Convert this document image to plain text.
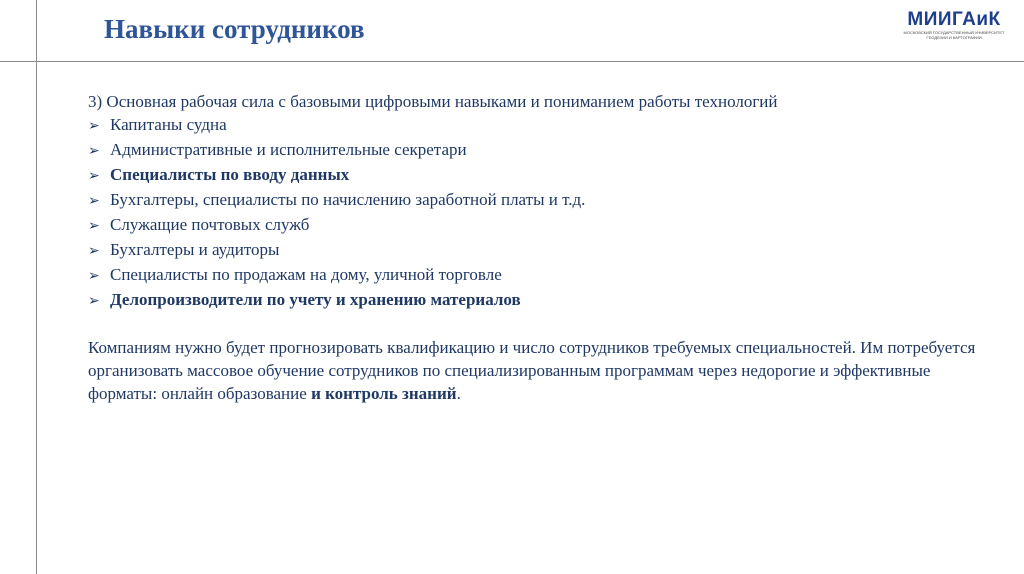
Навыки сотрудников	МИИГАиК
МОСКОВСКИЙ ГОСУДАРСТВЕННЫЙ УНИВЕРСИТЕТ
ГЕОДЕЗИИ И КАРТОГРАФИИ

3) Основная рабочая сила с базовыми цифровыми навыками и пониманием работы технологий

➢ Капитаны судна
➢ Административные и исполнительные секретари
➢ Специалисты по вводу данных
➢ Бухгалтеры, специалисты по начислению заработной платы и т.д.
➢ Служащие почтовых служб
➢ Бухгалтеры и аудиторы
➢ Специалисты по продажам на дому, уличной торговле
➢ Делопроизводители по учету и хранению материалов

Компаниям нужно будет прогнозировать квалификацию и число сотрудников требуемых специальностей. Им потребуется организовать массовое обучение сотрудников по специализированным программам через недорогие и эффективные форматы: онлайн образование и контроль знаний.
